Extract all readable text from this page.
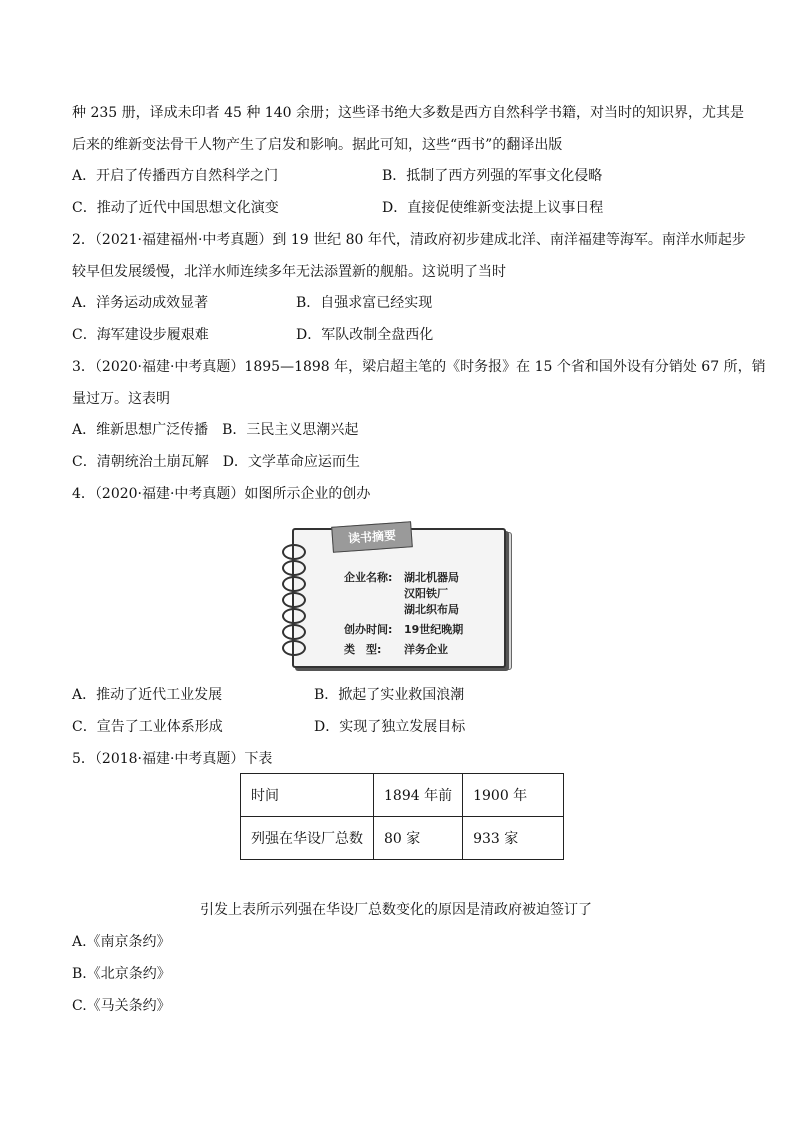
种 235 册，译成未印者 45 种 140 余册；这些译书绝大多数是西方自然科学书籍，对当时的知识界，尤其是
后来的维新变法骨干人物产生了启发和影响。据此可知，这些“西书”的翻译出版
A．开启了传播西方自然科学之门	B．抵制了西方列强的军事文化侵略
C．推动了近代中国思想文化演变	D．直接促使维新变法提上议事日程
2．（2021·福建福州·中考真题）到 19 世纪 80 年代，清政府初步建成北洋、南洋福建等海军。南洋水师起步
较早但发展缓慢，北洋水师连续多年无法添置新的舰船。这说明了当时
A．洋务运动成效显著	B．自强求富已经实现
C．海军建设步履艰难	D．军队改制全盘西化
3．（2020·福建·中考真题）1895—1898 年，梁启超主笔的《时务报》在 15 个省和国外设有分销处 67 所，销
量过万。这表明
A．维新思想广泛传播　B．三民主义思潮兴起
C．清朝统治土崩瓦解　D．文学革命应运而生
4．（2020·福建·中考真题）如图所示企业的创办
读书摘要
企业名称: 湖北机器局
汉阳铁厂
湖北织布局
创办时间: 19世纪晚期
类　型: 洋务企业
A．推动了近代工业发展	B．掀起了实业救国浪潮
C．宣告了工业体系形成	D．实现了独立发展目标
5．（2018·福建·中考真题）下表
时间	1894 年前	1900 年
列强在华设厂总数	80 家	933 家
引发上表所示列强在华设厂总数变化的原因是清政府被迫签订了
A.《南京条约》
B.《北京条约》
C.《马关条约》
